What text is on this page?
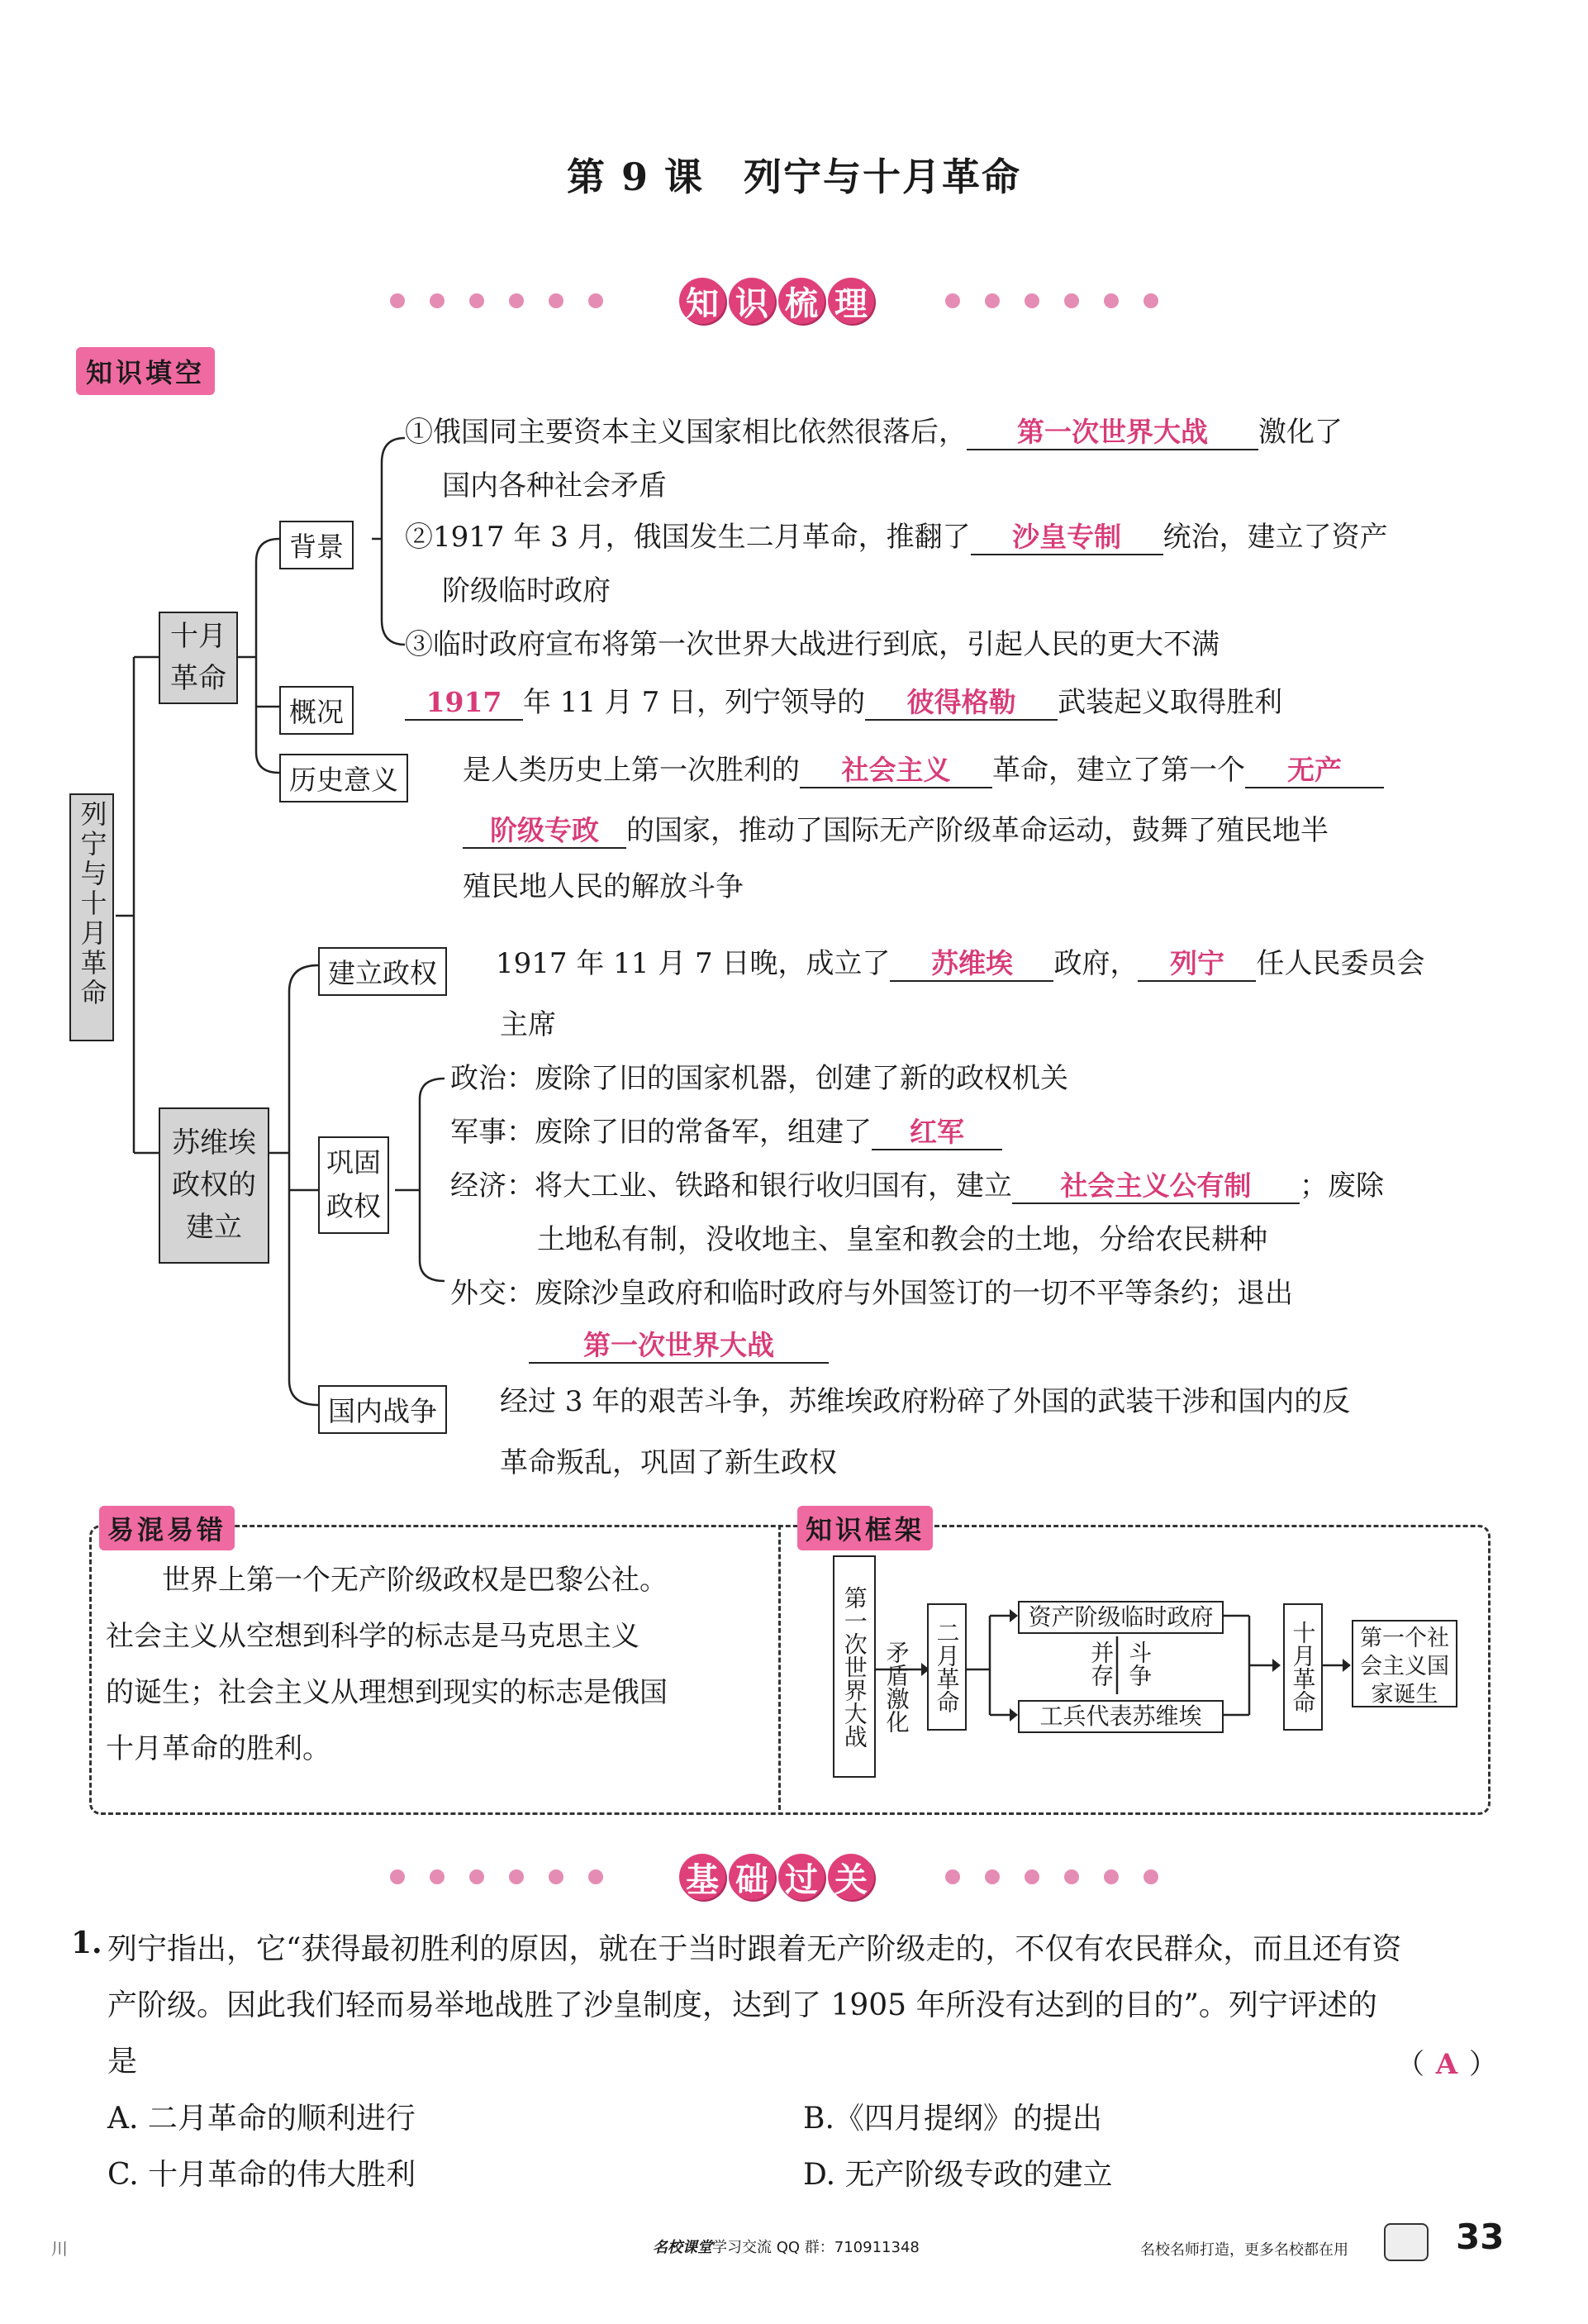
第 9 课　列宁与十月革命
知 识 梳 理
知识填空
列宁与十月革命
十月革命
背景
①俄国同主要资本主义国家相比依然很落后， 第一次世界大战 激化了
国内各种社会矛盾
②1917 年 3 月，俄国发生二月革命，推翻了 沙皇专制 统治，建立了资产
阶级临时政府
③临时政府宣布将第一次世界大战进行到底，引起人民的更大不满
概况	1917 年 11 月 7 日，列宁领导的 彼得格勒 武装起义取得胜利
历史意义	是人类历史上第一次胜利的 社会主义 革命，建立了第一个 无产
阶级专政 的国家，推动了国际无产阶级革命运动，鼓舞了殖民地半
殖民地人民的解放斗争
苏维埃
政权的
建立
建立政权	1917 年 11 月 7 日晚，成立了 苏维埃 政府， 列宁 任人民委员会
主席
巩固
政权
政治：废除了旧的国家机器，创建了新的政权机关
军事：废除了旧的常备军，组建了 红军
经济：将大工业、铁路和银行收归国有，建立 社会主义公有制 ；废除
土地私有制，没收地主、皇室和教会的土地，分给农民耕种
外交：废除沙皇政府和临时政府与外国签订的一切不平等条约；退出
第一次世界大战
国内战争	经过 3 年的艰苦斗争，苏维埃政府粉碎了外国的武装干涉和国内的反
革命叛乱，巩固了新生政权
易混易错	知识框架
　　世界上第一个无产阶级政权是巴黎公社。
社会主义从空想到科学的标志是马克思主义
的诞生；社会主义从理想到现实的标志是俄国
十月革命的胜利。
第一次世界大战 矛盾激化 二月革命
资产阶级临时政府
并存 斗争
工兵代表苏维埃
十月革命	第一个社会主义国家诞生
基 础 过 关
1. 列宁指出，它“获得最初胜利的原因，就在于当时跟着无产阶级走的，不仅有农民群众，而且还有资
产阶级。因此我们轻而易举地战胜了沙皇制度，达到了 1905 年所没有达到的目的”。列宁评述的
是	（ A ）
A. 二月革命的顺利进行	B.《四月提纲》的提出
C. 十月革命的伟大胜利	D. 无产阶级专政的建立
川	名校课堂学习交流 QQ 群：710911348	名校名师打造，更多名校都在用	33
